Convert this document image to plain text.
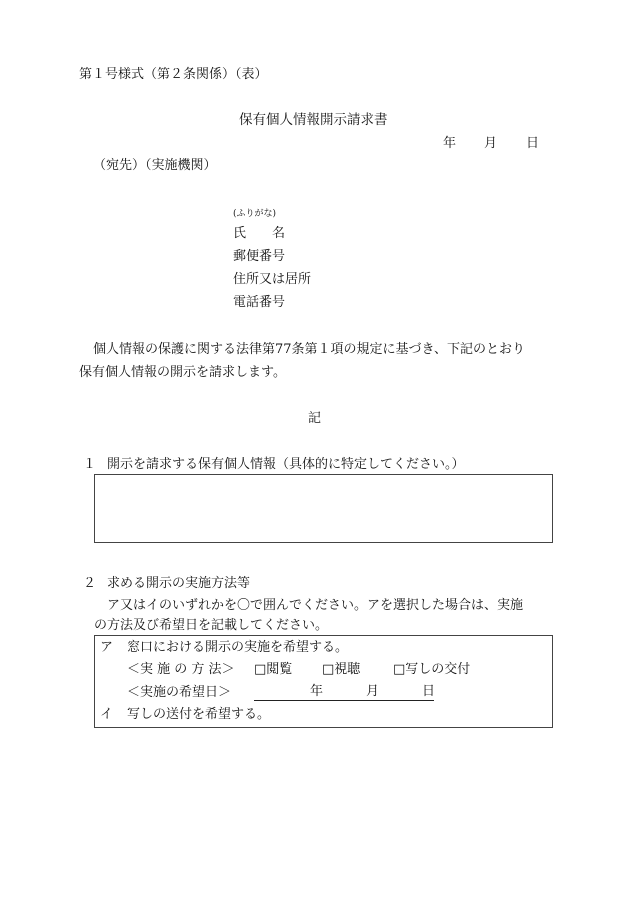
第１号様式（第２条関係）（表）
保有個人情報開示請求書
年 月 日
（宛先）（実施機関）
(ふりがな)
氏　　名
郵便番号
住所又は居所
電話番号
個人情報の保護に関する法律第77条第１項の規定に基づき、下記のとおり
保有個人情報の開示を請求します。
記
１ 開示を請求する保有個人情報（具体的に特定してください。）
２ 求める開示の実施方法等
ア又はイのいずれかを〇で囲んでください。アを選択した場合は、実施
の方法及び希望日を記載してください。
ア 窓口における開示の実施を希望する。
＜実 施 の 方 法＞ □閲覧 □視聴	□写しの交付
＜実施の希望日＞	年	月	日
イ 写しの送付を希望する。
